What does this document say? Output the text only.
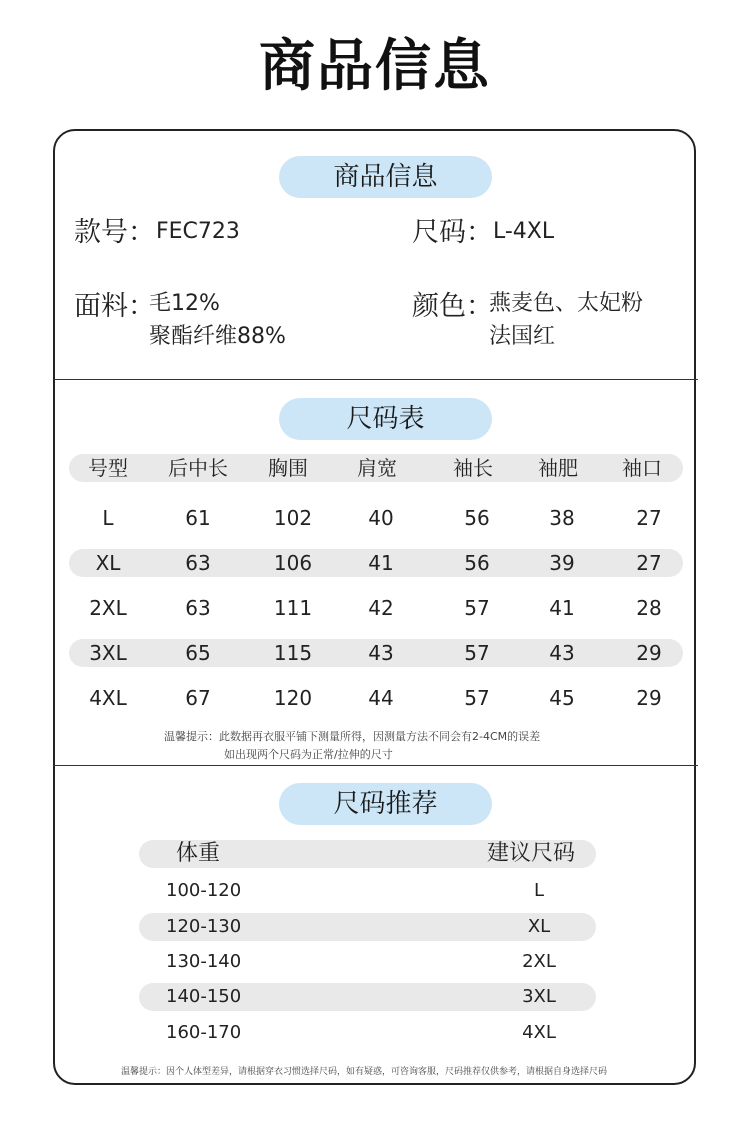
商品信息
商品信息
款号： FEC723	尺码： L-4XL
面料：
毛12%
聚酯纤维88%
颜色：
燕麦色、太妃粉
法国红
尺码表
号型	后中长	胸围	肩宽	袖长	袖肥	袖口
L	61	102	40	56	38	27
XL	63	106	41	56	39	27
2XL	63	111	42	57	41	28
3XL	65	115	43	57	43	29
4XL	67	120	44	57	45	29
温馨提示：此数据再衣服平铺下测量所得，因测量方法不同会有2-4CM的误差
如出现两个尺码为正常/拉伸的尺寸
尺码推荐
体重	建议尺码
100-120	L
120-130	XL
130-140	2XL
140-150	3XL
160-170	4XL
温馨提示：因个人体型差异，请根据穿衣习惯选择尺码，如有疑惑，可咨询客服，尺码推荐仅供参考，请根据自身选择尺码
